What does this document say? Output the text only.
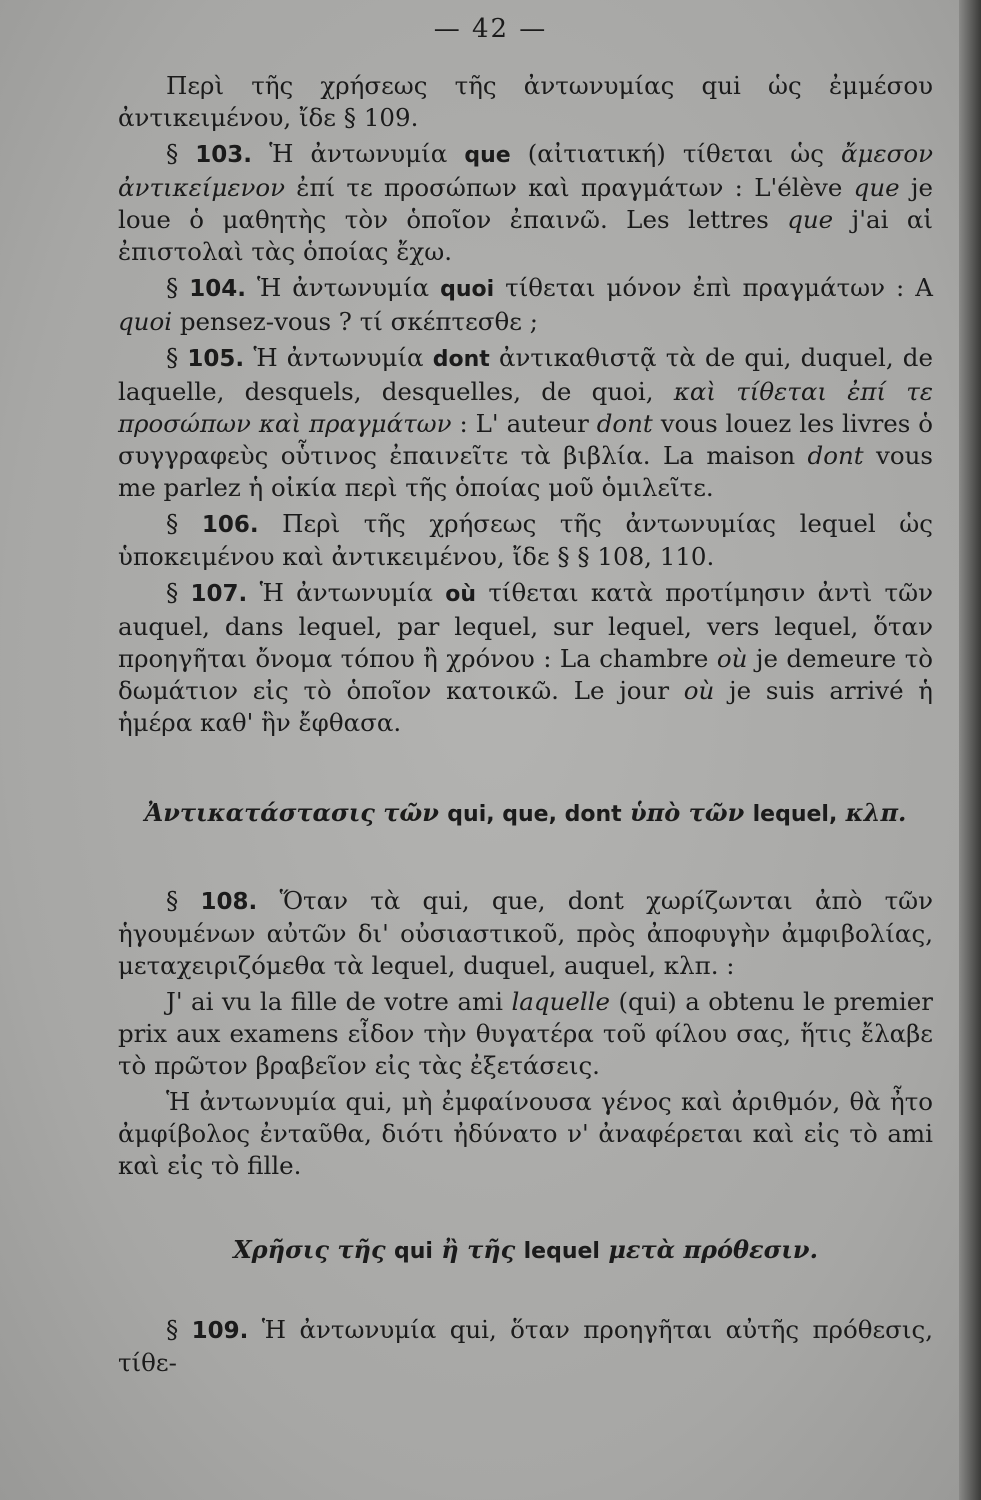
— 42 —

Περὶ τῆς χρήσεως τῆς ἀντωνυμίας qui ὡς ἐμμέσου ἀντικειμένου, ἴδε § 109.

§ 103. Ἡ ἀντωνυμία que (αἰτιατική) τίθεται ὡς ἄμεσον ἀντικείμενον ἐπί τε προσώπων καὶ πραγμάτων : L'élève que je loue ὁ μαθητὴς τὸν ὁποῖον ἐπαινῶ. Les lettres que j'ai αἱ ἐπιστολαὶ τὰς ὁποίας ἔχω.

§ 104. Ἡ ἀντωνυμία quoi τίθεται μόνον ἐπὶ πραγμάτων : A quoi pensez-vous ? τί σκέπτεσθε ;

§ 105. Ἡ ἀντωνυμία dont ἀντικαθιστᾷ τὰ de qui, duquel, de laquelle, desquels, desquelles, de quoi, καὶ τίθεται ἐπί τε προσώπων καὶ πραγμάτων : L' auteur dont vous louez les livres ὁ συγγραφεὺς οὗτινος ἐπαινεῖτε τὰ βιβλία. La maison dont vous me parlez ἡ οἰκία περὶ τῆς ὁποίας μοῦ ὁμιλεῖτε.

§ 106. Περὶ τῆς χρήσεως τῆς ἀντωνυμίας lequel ὡς ὑποκειμένου καὶ ἀντικειμένου, ἴδε § § 108, 110.

§ 107. Ἡ ἀντωνυμία où τίθεται κατὰ προτίμησιν ἀντὶ τῶν auquel, dans lequel, par lequel, sur lequel, vers lequel, ὅταν προηγῆται ὄνομα τόπου ἢ χρόνου : La chambre où je demeure τὸ δωμάτιον εἰς τὸ ὁποῖον κατοικῶ. Le jour où je suis arrivé ἡ ἡμέρα καθ' ἣν ἔφθασα.

Ἀντικατάστασις τῶν qui, que, dont ὑπὸ τῶν lequel, κλπ.

§ 108. Ὅταν τὰ qui, que, dont χωρίζωνται ἀπὸ τῶν ἡγουμένων αὐτῶν δι' οὐσιαστικοῦ, πρὸς ἀποφυγὴν ἀμφιβολίας, μεταχειριζόμεθα τὰ lequel, duquel, auquel, κλπ. :

J' ai vu la fille de votre ami laquelle (qui) a obtenu le premier prix aux examens εἶδον τὴν θυγατέρα τοῦ φίλου σας, ἥτις ἔλαβε τὸ πρῶτον βραβεῖον εἰς τὰς ἐξετάσεις.

Ἡ ἀντωνυμία qui, μὴ ἐμφαίνουσα γένος καὶ ἀριθμόν, θὰ ἦτο ἀμφίβολος ἐνταῦθα, διότι ἠδύνατο ν' ἀναφέρεται καὶ εἰς τὸ ami καὶ εἰς τὸ fille.

Χρῆσις τῆς qui ἢ τῆς lequel μετὰ πρόθεσιν.

§ 109. Ἡ ἀντωνυμία qui, ὅταν προηγῆται αὐτῆς πρόθεσις, τίθε-
